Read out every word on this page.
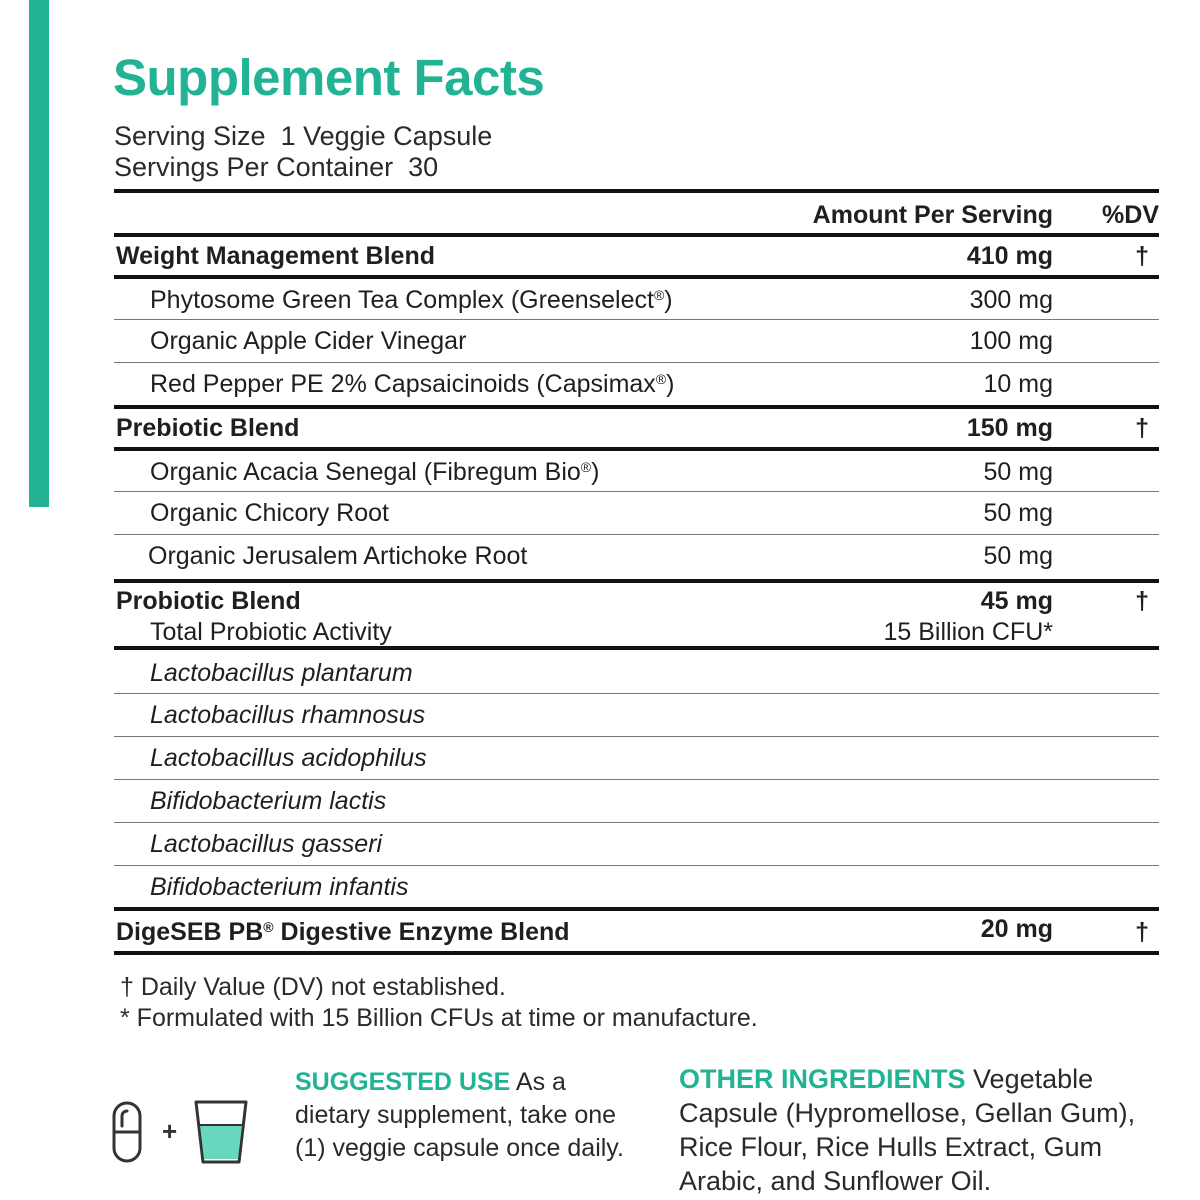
Supplement Facts
Serving Size  1 Veggie Capsule
Servings Per Container  30
Amount Per Serving %DV
Weight Management Blend	410 mg	†
Phytosome Green Tea Complex (Greenselect®)	300 mg
Organic Apple Cider Vinegar	100 mg
Red Pepper PE 2% Capsaicinoids (Capsimax®)	10 mg
Prebiotic Blend	150 mg	†
Organic Acacia Senegal (Fibregum Bio®)	50 mg
Organic Chicory Root	50 mg
Organic Jerusalem Artichoke Root	50 mg
Probiotic Blend	45 mg	†
Total Probiotic Activity	15 Billion CFU*
Lactobacillus plantarum
Lactobacillus rhamnosus
Lactobacillus acidophilus
Bifidobacterium lactis
Lactobacillus gasseri
Bifidobacterium infantis
DigeSEB PB® Digestive Enzyme Blend	20 mg	†
† Daily Value (DV) not established.
* Formulated with 15 Billion CFUs at time or manufacture.
+
SUGGESTED USE As a dietary supplement, take one (1) veggie capsule once daily.
OTHER INGREDIENTS Vegetable Capsule (Hypromellose, Gellan Gum), Rice Flour, Rice Hulls Extract, Gum Arabic, and Sunflower Oil.
